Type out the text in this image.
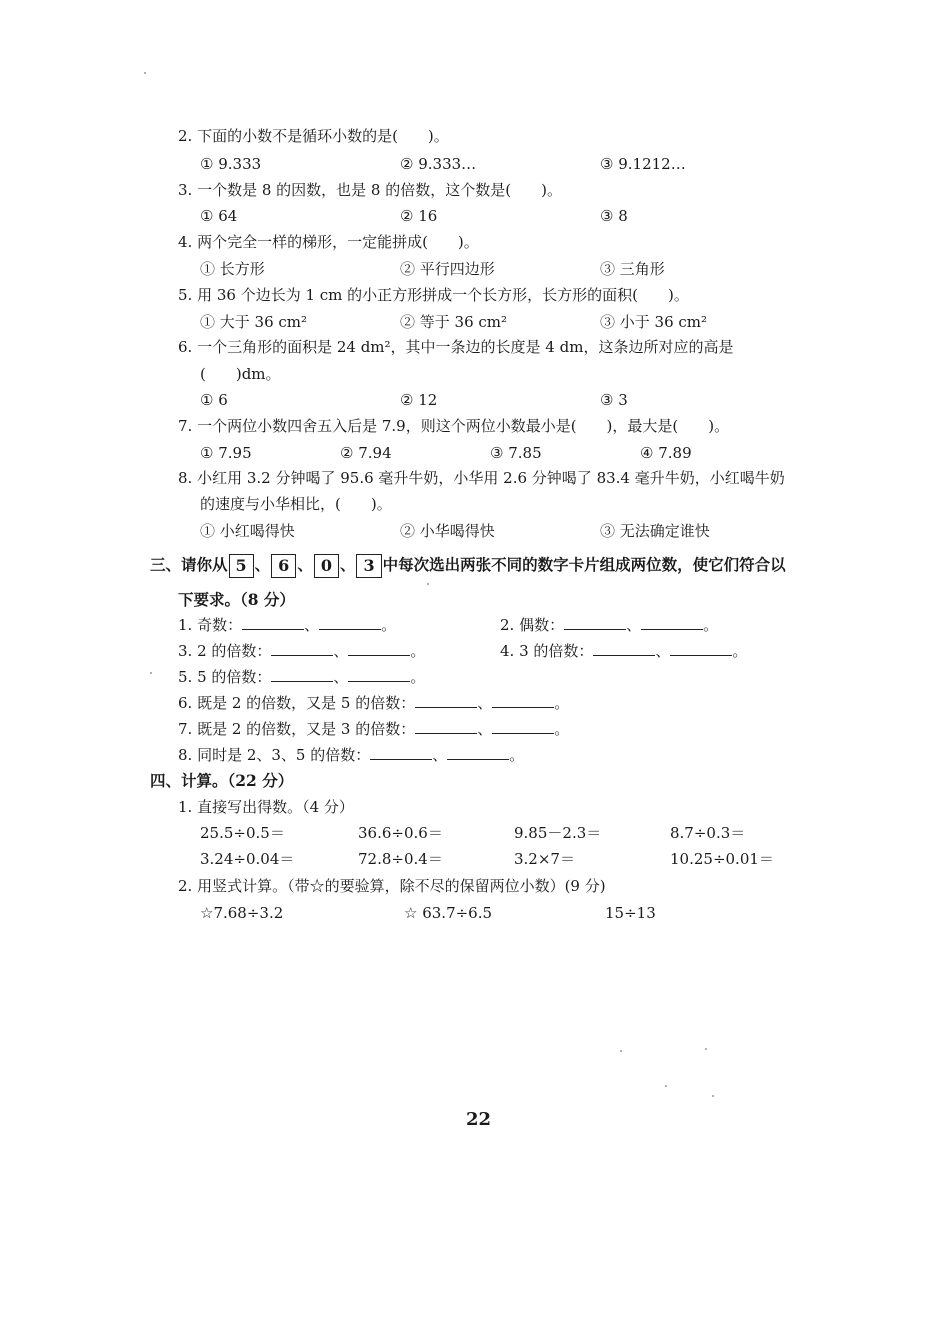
2. 下面的小数不是循环小数的是(　　)。
① 9.333	② 9.333…	③ 9.1212…
3. 一个数是 8 的因数，也是 8 的倍数，这个数是(　　)。
① 64	② 16	③ 8
4. 两个完全一样的梯形，一定能拼成(　　)。
① 长方形	② 平行四边形	③ 三角形
5. 用 36 个边长为 1 cm 的小正方形拼成一个长方形，长方形的面积(　　)。
① 大于 36 cm²	② 等于 36 cm²	③ 小于 36 cm²
6. 一个三角形的面积是 24 dm²，其中一条边的长度是 4 dm，这条边所对应的高是
(　　)dm。
① 6	② 12	③ 3
7. 一个两位小数四舍五入后是 7.9，则这个两位小数最小是(　　)，最大是(　　)。
① 7.95	② 7.94	③ 7.85	④ 7.89
8. 小红用 3.2 分钟喝了 95.6 毫升牛奶，小华用 2.6 分钟喝了 83.4 毫升牛奶，小红喝牛奶
的速度与小华相比，(　　)。
① 小红喝得快	② 小华喝得快	③ 无法确定谁快
三、请你从 5 、 6 、 0 、 3 中每次选出两张不同的数字卡片组成两位数，使它们符合以
下要求。（8 分）
1. 奇数：	、	。	2. 偶数：	、	。
3. 2 的倍数：	、	。	4. 3 的倍数：	、	。
5. 5 的倍数：	、	。
6. 既是 2 的倍数，又是 5 的倍数：	、	。
7. 既是 2 的倍数，又是 3 的倍数：	、	。
8. 同时是 2、3、5 的倍数：	、	。
四、计算。（22 分）
1. 直接写出得数。（4 分）
25.5÷0.5＝	36.6÷0.6＝	9.85－2.3＝	8.7÷0.3＝
3.24÷0.04＝	72.8÷0.4＝	3.2×7＝	10.25÷0.01＝
2. 用竖式计算。（带☆的要验算，除不尽的保留两位小数）(9 分)
☆7.68÷3.2	☆ 63.7÷6.5	15÷13
22
